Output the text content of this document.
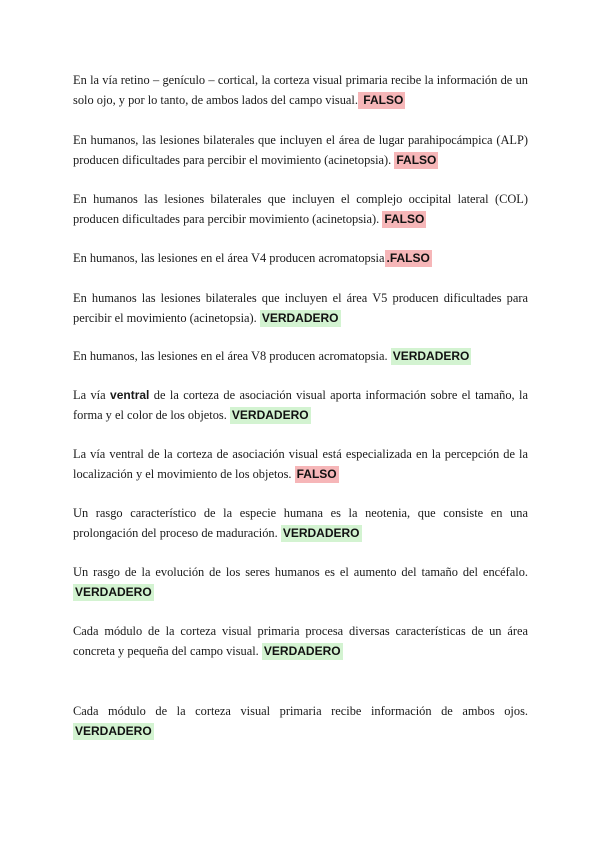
En la vía retino – genículo – cortical, la corteza visual primaria recibe la información de un solo ojo, y por lo tanto, de ambos lados del campo visual. FALSO

En humanos, las lesiones bilaterales que incluyen el área de lugar parahipocámpica (ALP) producen dificultades para percibir el movimiento (acinetopsia). FALSO

En humanos las lesiones bilaterales que incluyen el complejo occipital lateral (COL) producen dificultades para percibir movimiento (acinetopsia). FALSO

En humanos, las lesiones en el área V4 producen acromatopsia .FALSO

En humanos las lesiones bilaterales que incluyen el área V5 producen dificultades para percibir el movimiento (acinetopsia). VERDADERO

En humanos, las lesiones en el área V8 producen acromatopsia. VERDADERO

La vía ventral de la corteza de asociación visual aporta información sobre el tamaño, la forma y el color de los objetos. VERDADERO

La vía ventral de la corteza de asociación visual está especializada en la percepción de la localización y el movimiento de los objetos. FALSO

Un rasgo característico de la especie humana es la neotenia, que consiste en una prolongación del proceso de maduración. VERDADERO

Un rasgo de la evolución de los seres humanos es el aumento del tamaño del encéfalo. VERDADERO

Cada módulo de la corteza visual primaria procesa diversas características de un área concreta y pequeña del campo visual. VERDADERO

Cada módulo de la corteza visual primaria recibe información de ambos ojos. VERDADERO
